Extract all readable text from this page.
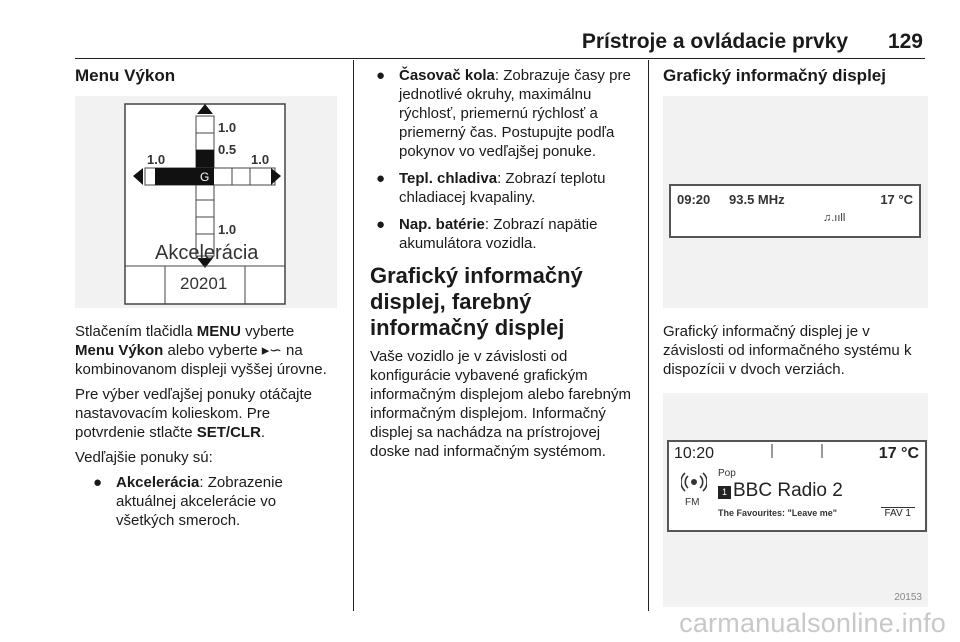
Prístroje a ovládacie prvky 129
Menu Výkon
1.0
0.5
1.0	1.0
1.0
G
Akcelerácia
20201

Stlačením tlačidla MENU vyberte Menu Výkon alebo vyberte ▸∽ na kombinovanom displeji vyššej úrovne.

Pre výber vedľajšej ponuky otáčajte nastavovacím kolieskom. Pre potvrdenie stlačte SET/CLR.

Vedľajšie ponuky sú:

● Akcelerácia: Zobrazenie aktuálnej akcelerácie vo všetkých smeroch.
● Časovač kola: Zobrazuje časy pre jednotlivé okruhy, maximálnu rýchlosť, priemernú rýchlosť a priemerný čas. Postupujte podľa pokynov vo vedľajšej ponuke.
● Tepl. chladiva: Zobrazí teplotu chladiacej kvapaliny.
● Nap. batérie: Zobrazí napätie akumulátora vozidla.
Grafický informačný displej, farebný informačný displej

Vaše vozidlo je v závislosti od konfigurácie vybavené grafickým informačným displejom alebo farebným informačným displejom. Informačný displej sa nachádza na prístrojovej doske nad informačným systémom.

Grafický informačný displej
09:20 93.5 MHz	17 °C
♫.ııll

Grafický informačný displej je v závislosti od informačného systému k dispozícii v dvoch verziách.

10:20	17 °C
FM
Pop
1 BBC Radio 2
The Favourites: "Leave me"	FAV 1
20153
carmanualsonline.info
